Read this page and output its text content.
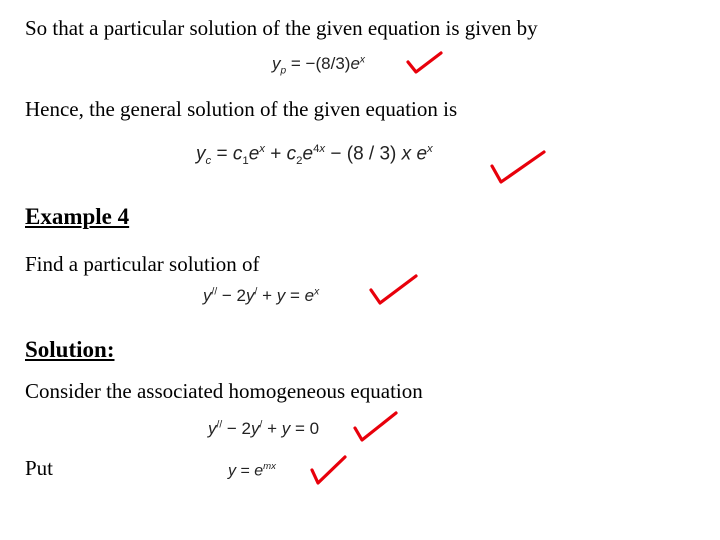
So that a particular solution of the given equation is given by
$y_p = -(8/3)e^x$
Hence, the general solution of the given equation is
$y_c = c_1e^x + c_2e^{4x} - (8 / 3)$ x $e^x$
Example 4
Find a particular solution of
$y^{//} - 2y^/ + y = e^x$
Solution:
Consider the associated homogeneous equation
y// − 2y/ + y = 0
Put	$y = e^{mx}$
